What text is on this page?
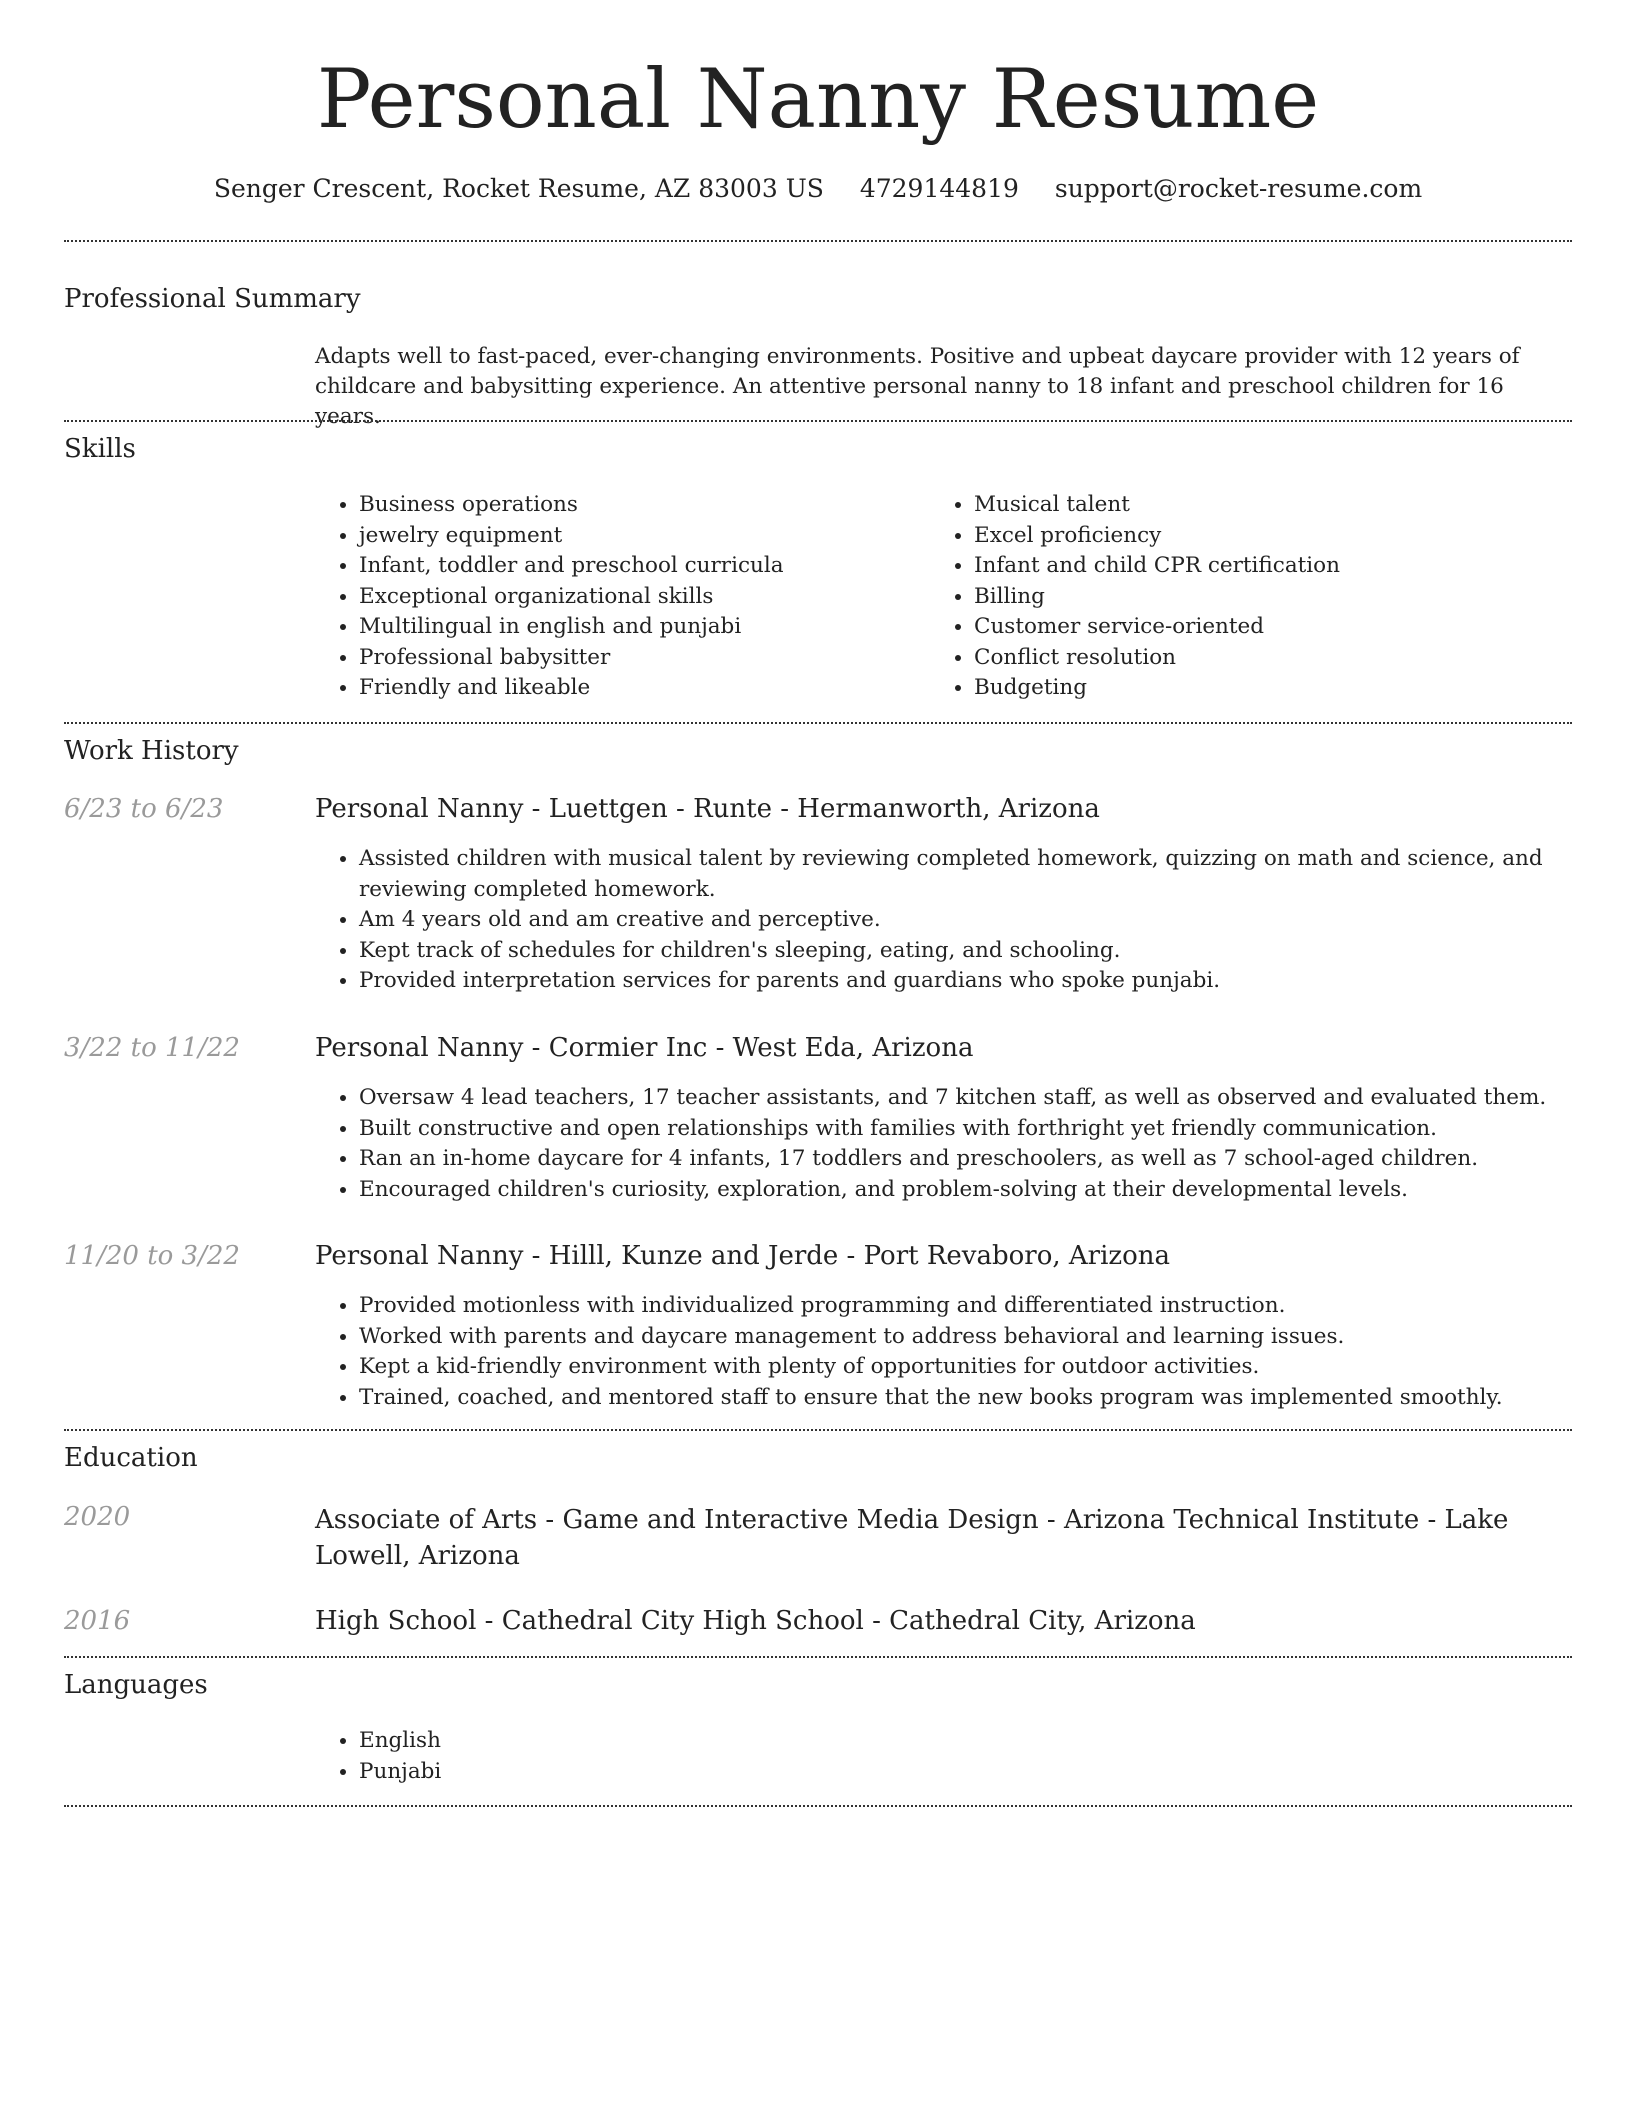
Personal Nanny Resume
Senger Crescent, Rocket Resume, AZ 83003 US 4729144819 support@rocket-resume.com
Professional Summary
Adapts well to fast-paced, ever-changing environments. Positive and upbeat daycare provider with 12 years of childcare and babysitting experience. An attentive personal nanny to 18 infant and preschool children for 16 years.
Skills
• Business operations
• jewelry equipment
• Infant, toddler and preschool curricula
• Exceptional organizational skills
• Multilingual in english and punjabi
• Professional babysitter
• Friendly and likeable
• Musical talent
• Excel proficiency
• Infant and child CPR certification
• Billing
• Customer service-oriented
• Conflict resolution
• Budgeting
Work History
6/23 to 6/23	Personal Nanny - Luettgen - Runte - Hermanworth, Arizona
• Assisted children with musical talent by reviewing completed homework, quizzing on math and science, and reviewing completed homework.
• Am 4 years old and am creative and perceptive.
• Kept track of schedules for children's sleeping, eating, and schooling.
• Provided interpretation services for parents and guardians who spoke punjabi.
3/22 to 11/22	Personal Nanny - Cormier Inc - West Eda, Arizona
• Oversaw 4 lead teachers, 17 teacher assistants, and 7 kitchen staff, as well as observed and evaluated them.
• Built constructive and open relationships with families with forthright yet friendly communication.
• Ran an in-home daycare for 4 infants, 17 toddlers and preschoolers, as well as 7 school-aged children.
• Encouraged children's curiosity, exploration, and problem-solving at their developmental levels.
11/20 to 3/22	Personal Nanny - Hilll, Kunze and Jerde - Port Revaboro, Arizona
• Provided motionless with individualized programming and differentiated instruction.
• Worked with parents and daycare management to address behavioral and learning issues.
• Kept a kid-friendly environment with plenty of opportunities for outdoor activities.
• Trained, coached, and mentored staff to ensure that the new books program was implemented smoothly.
Education
2020	Associate of Arts - Game and Interactive Media Design - Arizona Technical Institute - Lake Lowell, Arizona
2016	High School - Cathedral City High School - Cathedral City, Arizona
Languages
• English
• Punjabi
